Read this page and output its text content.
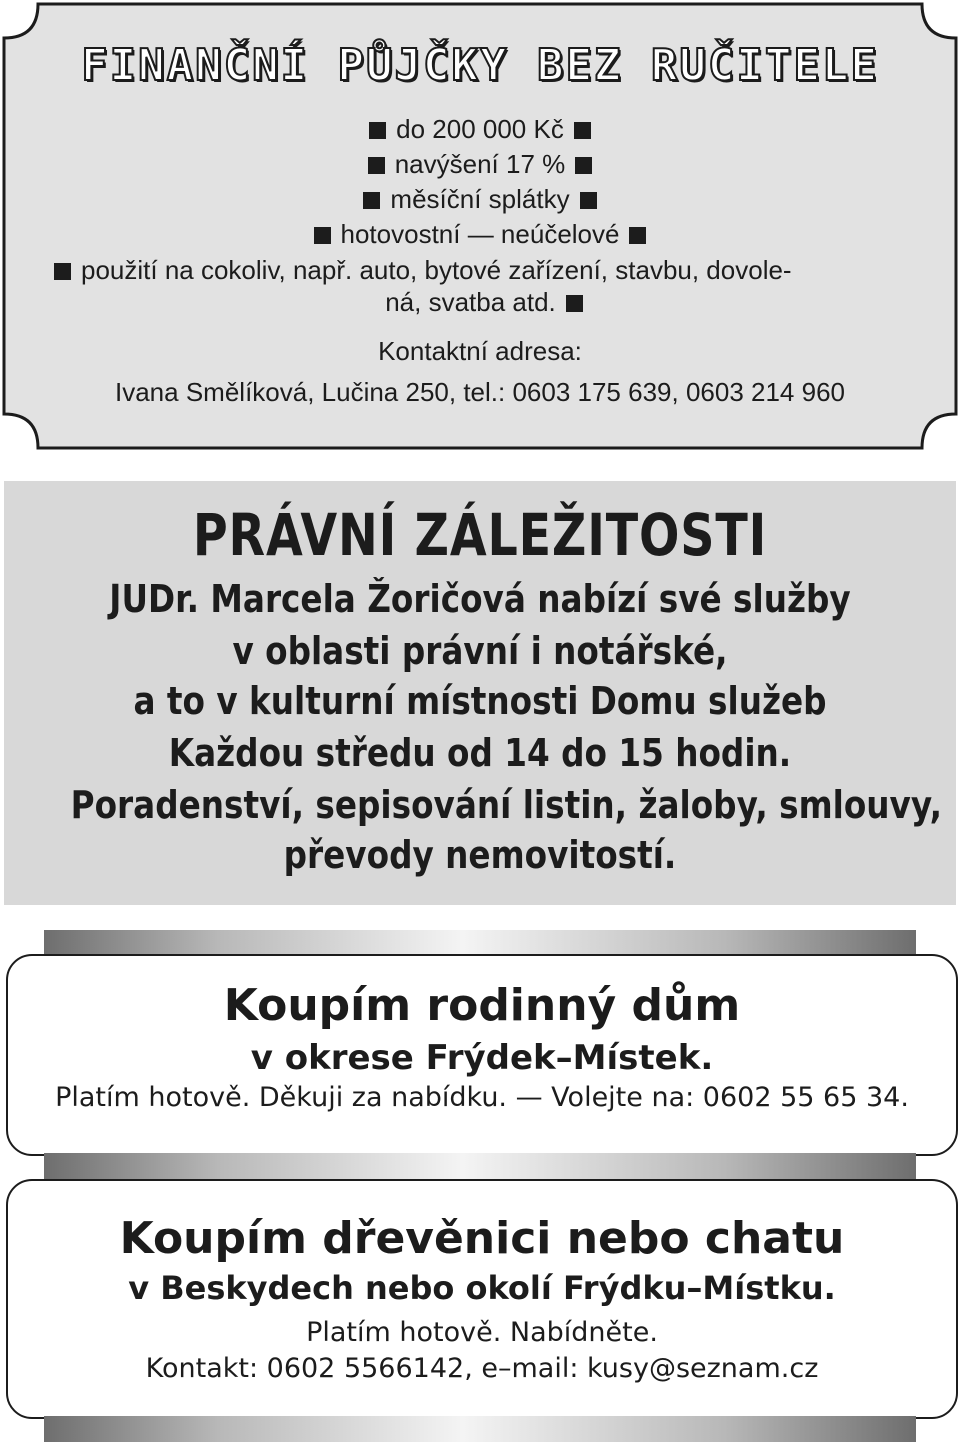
FINANČNÍ PŮJČKY BEZ RUČITELE
do 200 000 Kč
navýšení 17 %
měsíční splátky
hotovostní — neúčelové
použití na cokoliv, např. auto, bytové zařízení, stavbu, dovole-
ná, svatba atd.
Kontaktní adresa:
Ivana Smělíková, Lučina 250, tel.: 0603 175 639, 0603 214 960
PRÁVNÍ ZÁLEŽITOSTI
JUDr. Marcela Žoričová nabízí své služby
v oblasti právní i notářské,
a to v kulturní místnosti Domu služeb
Každou středu od 14 do 15 hodin.
Poradenství, sepisování listin, žaloby, smlouvy,
převody nemovitostí.
Koupím rodinný dům
v okrese Frýdek–Místek.
Platím hotově. Děkuji za nabídku. — Volejte na: 0602 55 65 34.
Koupím dřevěnici nebo chatu
v Beskydech nebo okolí Frýdku–Místku.
Platím hotově. Nabídněte.
Kontakt: 0602 5566142, e–mail: kusy@seznam.cz
